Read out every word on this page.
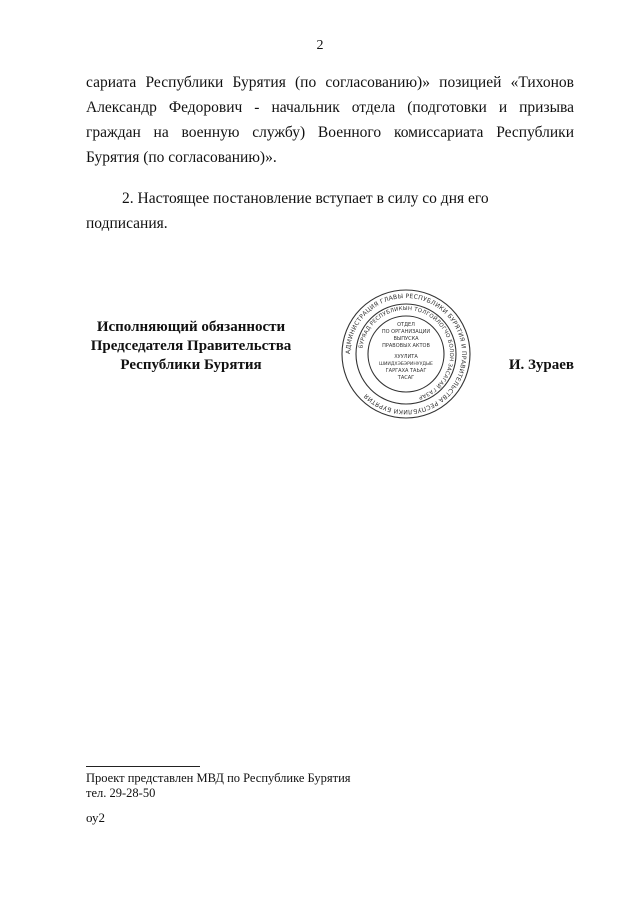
2

сариата Республики Бурятия (по согласованию)» позицией «Тихонов Александр Федорович - начальник отдела (подготовки и призыва граждан на военную службу) Военного комиссариата Республики Бурятия (по согласованию)».

2. Настоящее постановление вступает в силу со дня его подписания.

Исполняющий обязанности
Председателя Правительства
Республики Бурятия	И. Зураев
АДМИНИСТРАЦИЯ ГЛАВЫ РЕСПУБЛИКИ БУРЯТИЯ И ПРАВИТЕЛЬСТВА РЕСПУБЛИКИ БУРЯТИЯ
БУРЯАД РЕСПУБЛИКЫН ТОЛГОЙЛОГЧО БОЛОН ЗАСАГАЙ ГАЗАР
ОТДЕЛ
ПО ОРГАНИЗАЦИИ
ВЫПУСКА
ПРАВОВЫХ АКТОВ
ХУУЛИТА
ШИИДХЭБЭРИНУУДЫЕ
ГАРГАХА ТАЬАГ
ТАСАГ
Проект представлен МВД по Республике Бурятия
тел. 29-28-50
оу2
